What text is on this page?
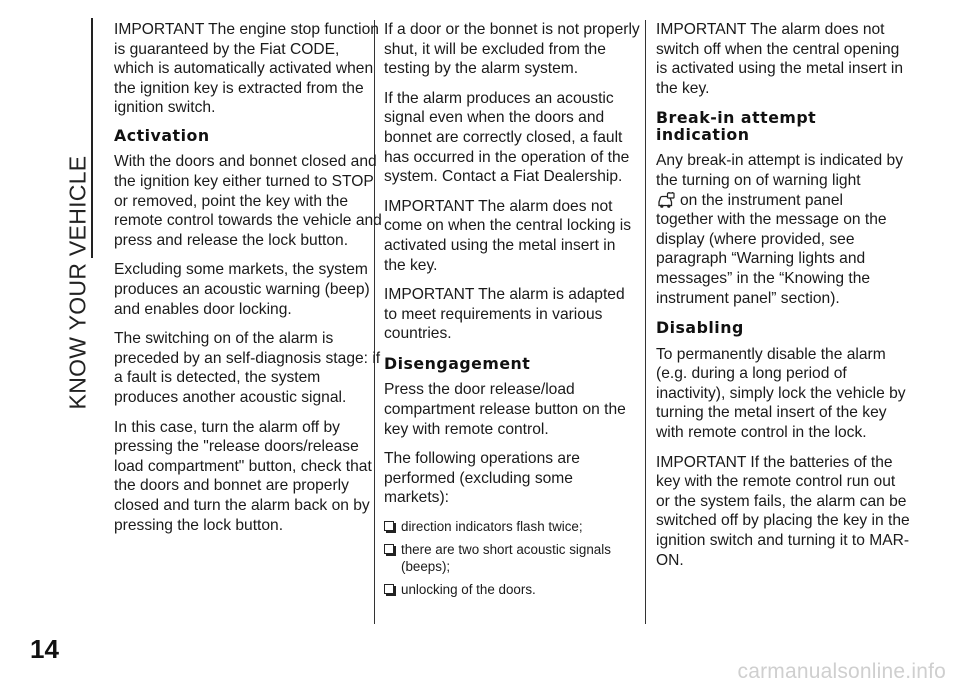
KNOW YOUR VEHICLE

IMPORTANT The engine stop function is guaranteed by the Fiat CODE, which is automatically activated when the ignition key is extracted from the ignition switch.

Activation

With the doors and bonnet closed and the ignition key either turned to STOP or removed, point the key with the remote control towards the vehicle and press and release the lock button.

Excluding some markets, the system produces an acoustic warning (beep) and enables door locking.

The switching on of the alarm is preceded by an self-diagnosis stage: if a fault is detected, the system produces another acoustic signal.

In this case, turn the alarm off by pressing the "release doors/release load compartment" button, check that the doors and bonnet are properly closed and turn the alarm back on by pressing the lock button.

If a door or the bonnet is not properly shut, it will be excluded from the testing by the alarm system.

If the alarm produces an acoustic signal even when the doors and bonnet are correctly closed, a fault has occurred in the operation of the system. Contact a Fiat Dealership.

IMPORTANT The alarm does not come on when the central locking is activated using the metal insert in the key.

IMPORTANT The alarm is adapted to meet requirements in various countries.

Disengagement

Press the door release/load compartment release button on the key with remote control.

The following operations are performed (excluding some markets):

direction indicators flash twice;
there are two short acoustic signals (beeps);
unlocking of the doors.

IMPORTANT The alarm does not switch off when the central opening is activated using the metal insert in the key.

Break-in attempt indication

Any break-in attempt is indicated by the turning on of warning light
on the instrument panel
together with the message on the display (where provided, see paragraph “Warning lights and messages” in the “Knowing the instrument panel” section).

Disabling

To permanently disable the alarm (e.g. during a long period of inactivity), simply lock the vehicle by turning the metal insert of the key with remote control in the lock.

IMPORTANT If the batteries of the key with the remote control run out or the system fails, the alarm can be switched off by placing the key in the ignition switch and turning it to MAR-ON.

14
carmanualsonline.info
